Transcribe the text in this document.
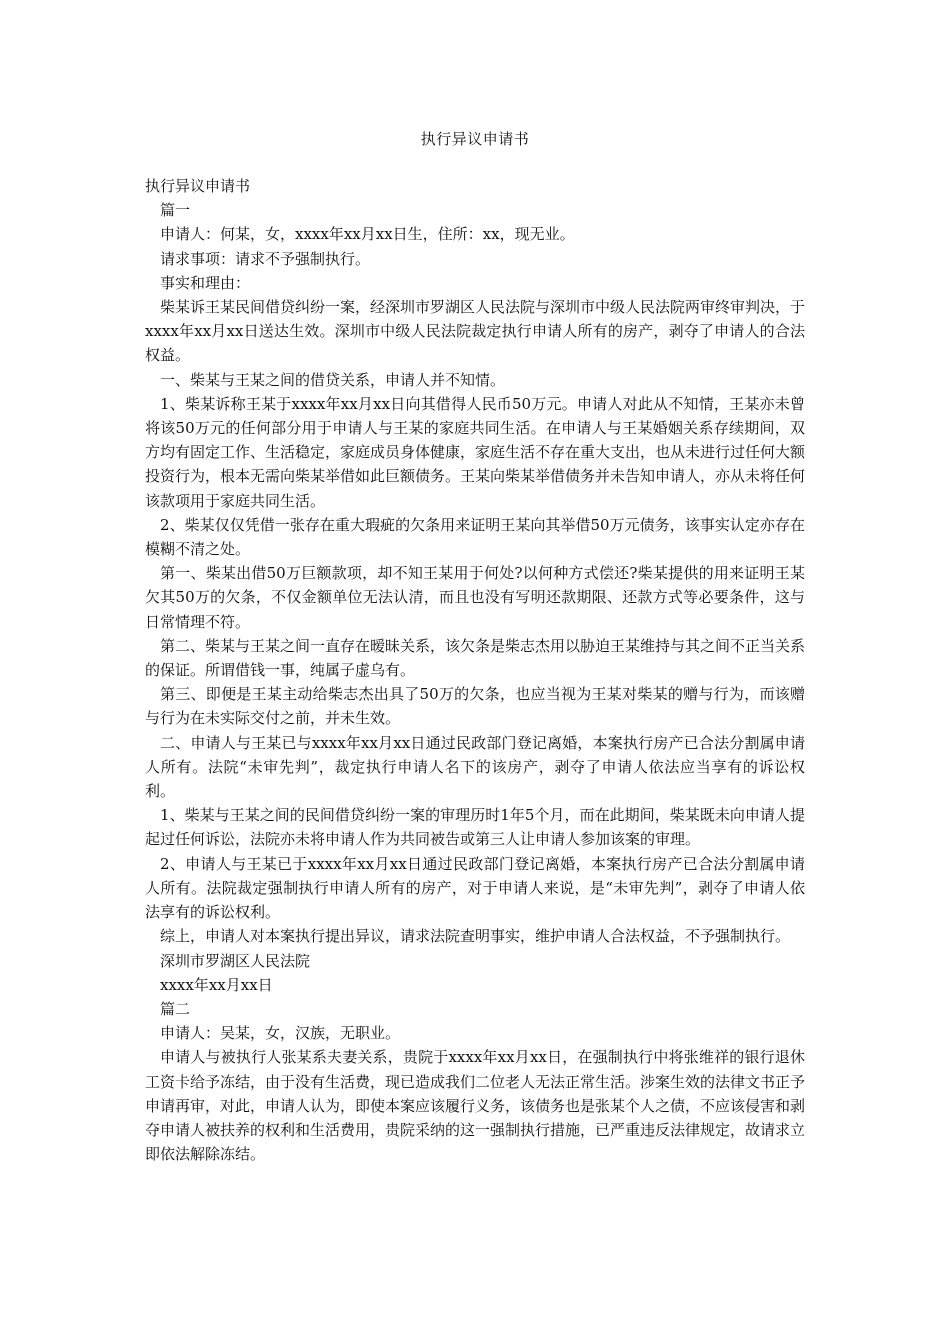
执行异议申请书

执行异议申请书

篇一

申请人：何某，女，xxxx年xx月xx日生，住所：xx，现无业。

请求事项：请求不予强制执行。

事实和理由：

柴某诉王某民间借贷纠纷一案，经深圳市罗湖区人民法院与深圳市中级人民法院两审终审判决，于xxxx年xx月xx日送达生效。深圳市中级人民法院裁定执行申请人所有的房产，剥夺了申请人的合法权益。

一、柴某与王某之间的借贷关系，申请人并不知情。

1、柴某诉称王某于xxxx年xx月xx日向其借得人民币50万元。申请人对此从不知情，王某亦未曾将该50万元的任何部分用于申请人与王某的家庭共同生活。在申请人与王某婚姻关系存续期间，双方均有固定工作、生活稳定，家庭成员身体健康，家庭生活不存在重大支出，也从未进行过任何大额投资行为，根本无需向柴某举借如此巨额债务。王某向柴某举借债务并未告知申请人，亦从未将任何该款项用于家庭共同生活。

2、柴某仅仅凭借一张存在重大瑕疵的欠条用来证明王某向其举借50万元债务，该事实认定亦存在模糊不清之处。

第一、柴某出借50万巨额款项，却不知王某用于何处?以何种方式偿还?柴某提供的用来证明王某欠其50万的欠条，不仅金额单位无法认清，而且也没有写明还款期限、还款方式等必要条件，这与日常情理不符。

第二、柴某与王某之间一直存在暧昧关系，该欠条是柴志杰用以胁迫王某维持与其之间不正当关系的保证。所谓借钱一事，纯属子虚乌有。

第三、即便是王某主动给柴志杰出具了50万的欠条，也应当视为王某对柴某的赠与行为，而该赠与行为在未实际交付之前，并未生效。

二、申请人与王某已与xxxx年xx月xx日通过民政部门登记离婚，本案执行房产已合法分割属申请人所有。法院“未审先判”，裁定执行申请人名下的该房产，剥夺了申请人依法应当享有的诉讼权利。

1、柴某与王某之间的民间借贷纠纷一案的审理历时1年5个月，而在此期间，柴某既未向申请人提起过任何诉讼，法院亦未将申请人作为共同被告或第三人让申请人参加该案的审理。

2、申请人与王某已于xxxx年xx月xx日通过民政部门登记离婚，本案执行房产已合法分割属申请人所有。法院裁定强制执行申请人所有的房产，对于申请人来说，是“未审先判”，剥夺了申请人依法享有的诉讼权利。

综上，申请人对本案执行提出异议，请求法院查明事实，维护申请人合法权益，不予强制执行。

深圳市罗湖区人民法院

xxxx年xx月xx日

篇二

申请人：吴某，女，汉族，无职业。

申请人与被执行人张某系夫妻关系，贵院于xxxx年xx月xx日，在强制执行中将张维祥的银行退休工资卡给予冻结，由于没有生活费，现已造成我们二位老人无法正常生活。涉案生效的法律文书正予申请再审，对此，申请人认为，即使本案应该履行义务，该债务也是张某个人之债，不应该侵害和剥夺申请人被扶养的权利和生活费用，贵院采纳的这一强制执行措施，已严重违反法律规定，故请求立即依法解除冻结。
